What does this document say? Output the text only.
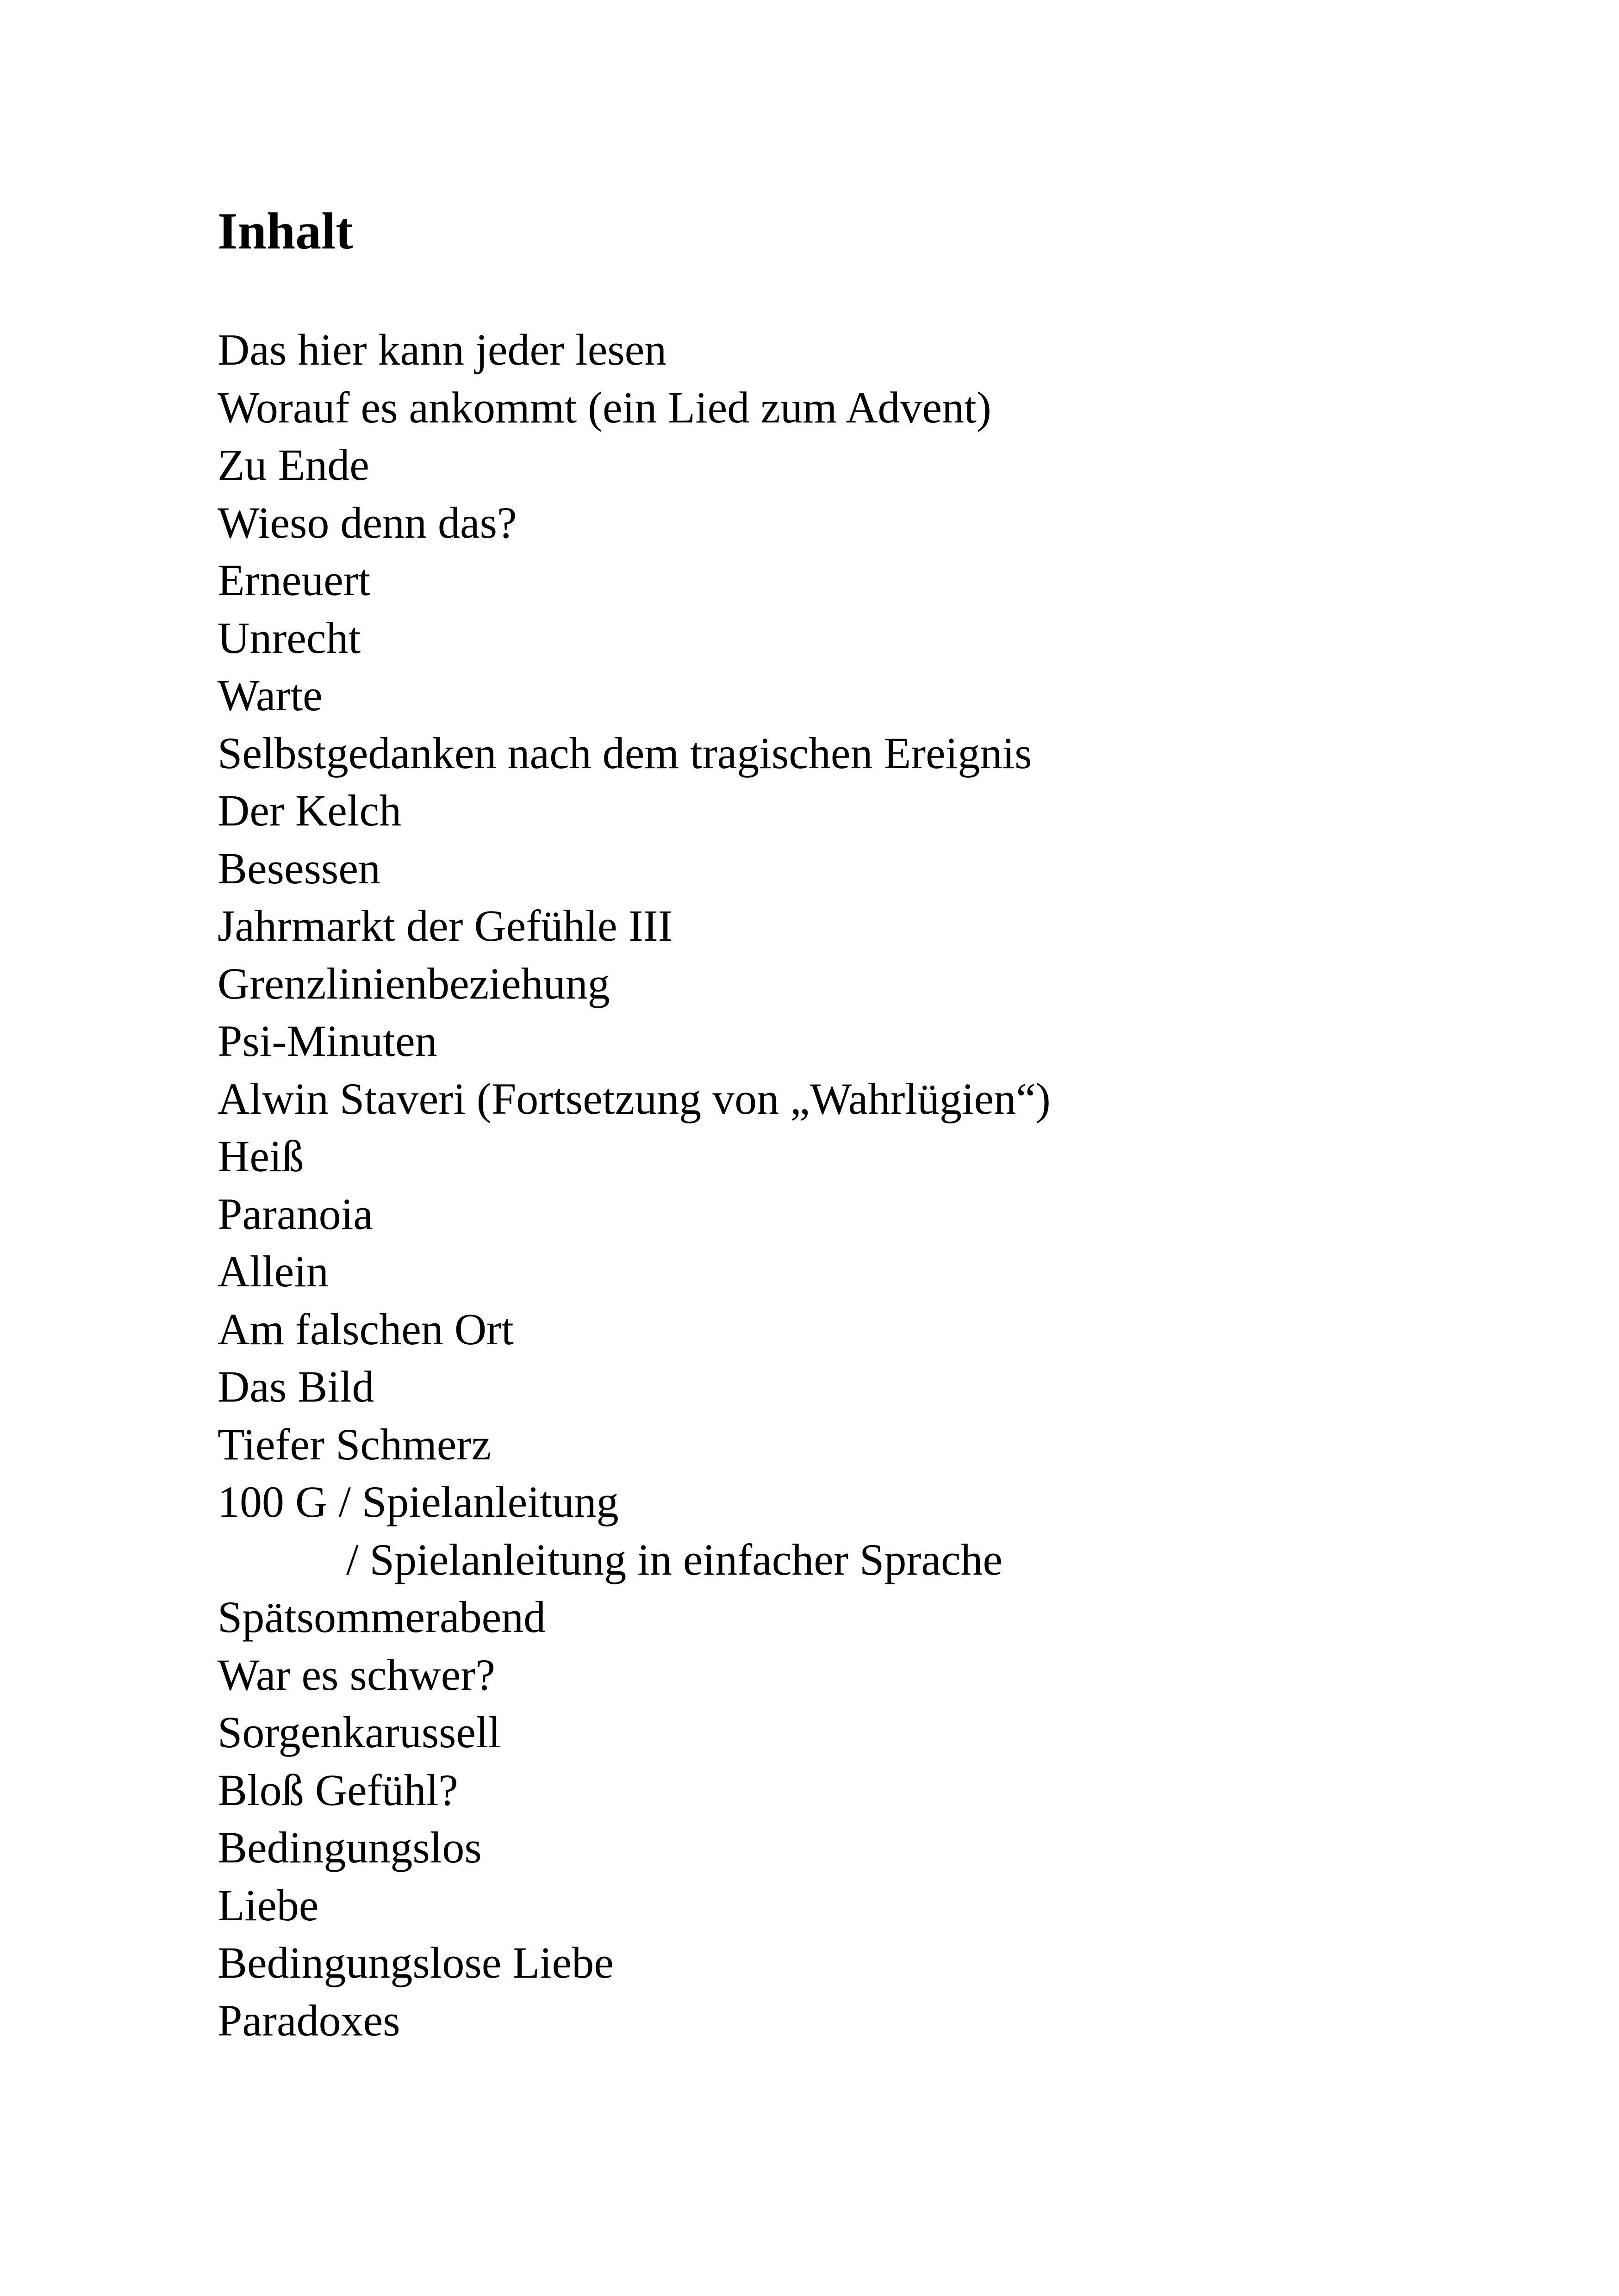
Inhalt
Das hier kann jeder lesen
Worauf es ankommt (ein Lied zum Advent)
Zu Ende
Wieso denn das?
Erneuert
Unrecht
Warte
Selbstgedanken nach dem tragischen Ereignis
Der Kelch
Besessen
Jahrmarkt der Gefühle III
Grenzlinienbeziehung
Psi-Minuten
Alwin Staveri (Fortsetzung von „Wahrlügien“)
Heiß
Paranoia
Allein
Am falschen Ort
Das Bild
Tiefer Schmerz
100 G / Spielanleitung
/ Spielanleitung in einfacher Sprache
Spätsommerabend
War es schwer?
Sorgenkarussell
Bloß Gefühl?
Bedingungslos
Liebe
Bedingungslose Liebe
Paradoxes
